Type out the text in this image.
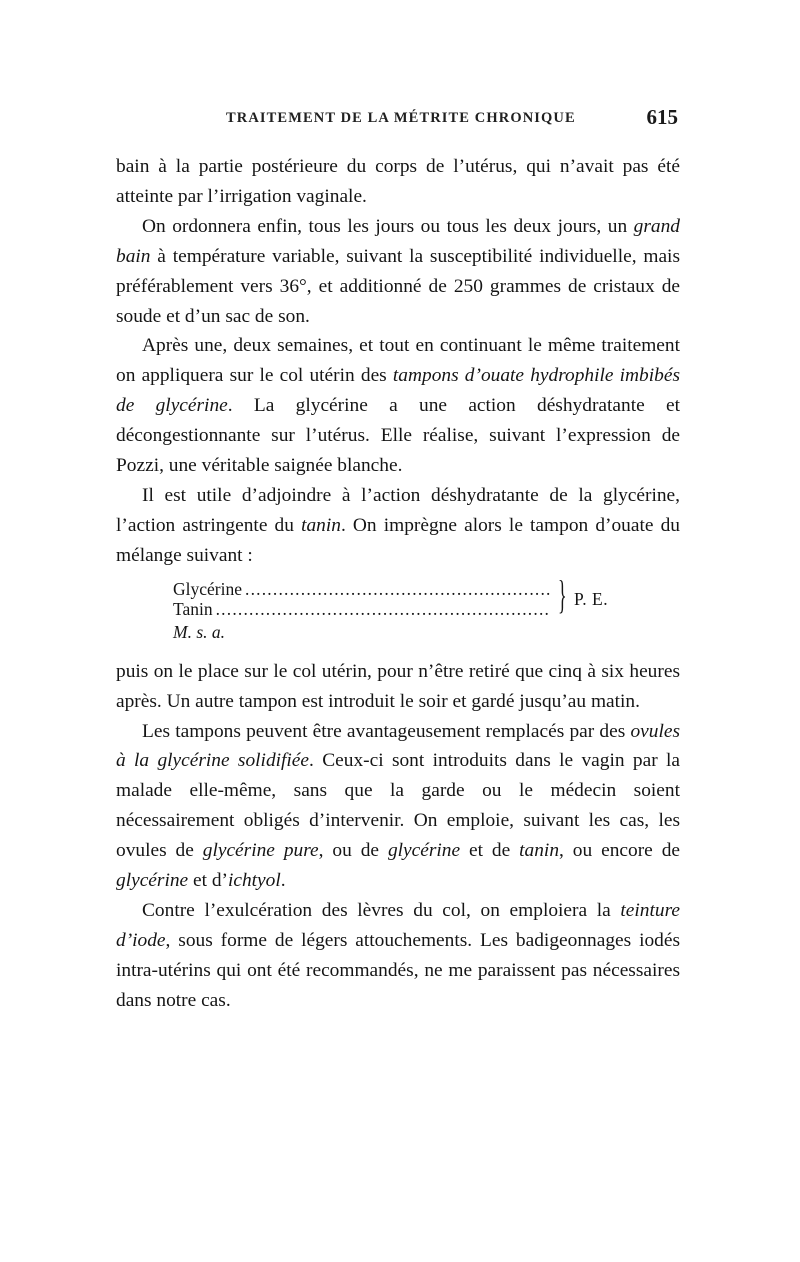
TRAITEMENT DE LA MÉTRITE CHRONIQUE	615

bain à la partie postérieure du corps de l’utérus, qui n’avait pas été atteinte par l’irrigation vaginale.

On ordonnera enfin, tous les jours ou tous les deux jours, un grand bain à température variable, suivant la susceptibilité individuelle, mais préférablement vers 36°, et additionné de 250 grammes de cristaux de soude et d’un sac de son.

Après une, deux semaines, et tout en continuant le même traitement on appliquera sur le col utérin des tampons d’ouate hydrophile imbibés de glycérine. La glycérine a une action déshydratante et décongestionnante sur l’utérus. Elle réalise, suivant l’expression de Pozzi, une véritable saignée blanche.

Il est utile d’adjoindre à l’action déshydratante de la glycérine, l’action astringente du tanin. On imprègne alors le tampon d’ouate du mélange suivant :

Glycérine
.....
Tanin
.....	} P. E.
M. s. a.

puis on le place sur le col utérin, pour n’être retiré que cinq à six heures après. Un autre tampon est introduit le soir et gardé jusqu’au matin.

Les tampons peuvent être avantageusement remplacés par des ovules à la glycérine solidifiée. Ceux-ci sont introduits dans le vagin par la malade elle-même, sans que la garde ou le médecin soient nécessairement obligés d’intervenir. On emploie, suivant les cas, les ovules de glycérine pure, ou de glycérine et de tanin, ou encore de glycérine et d’ichtyol.

Contre l’exulcération des lèvres du col, on emploiera la teinture d’iode, sous forme de légers attouchements. Les badigeonnages iodés intra-utérins qui ont été recommandés, ne me paraissent pas nécessaires dans notre cas.
